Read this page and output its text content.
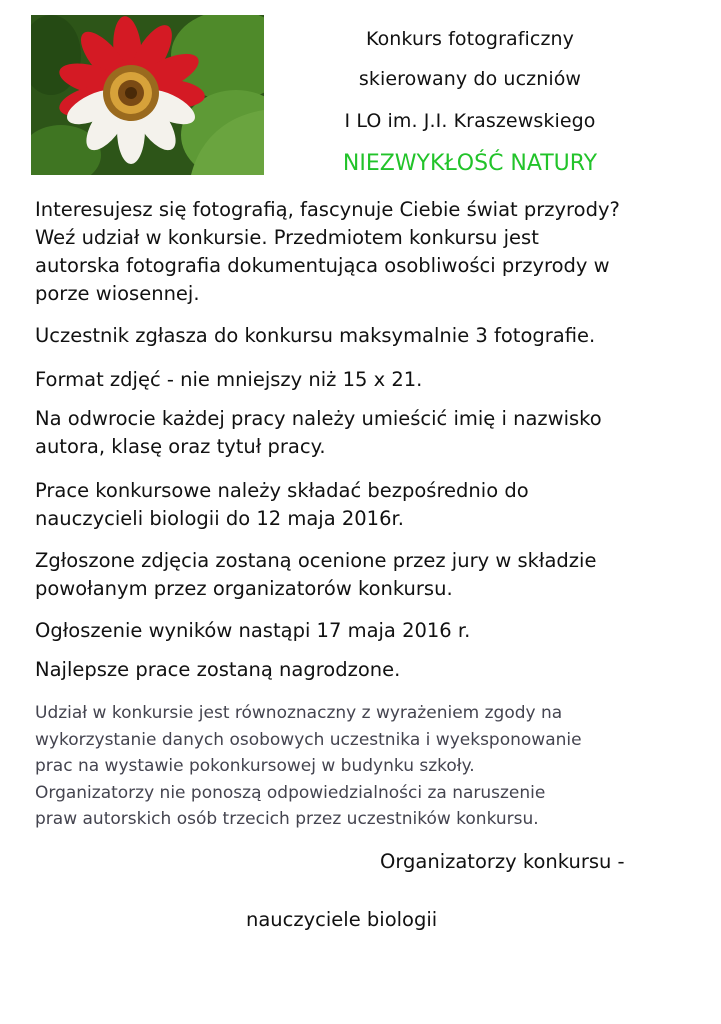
Konkurs fotograficzny
skierowany do uczniów
I LO im. J.I. Kraszewskiego
NIEZWYKŁOŚĆ NATURY
Interesujesz się fotografią, fascynuje Ciebie świat przyrody?
Weź udział w konkursie. Przedmiotem konkursu jest
autorska fotografia dokumentująca osobliwości przyrody w
porze wiosennej.
Uczestnik zgłasza do konkursu maksymalnie 3 fotografie.
Format zdjęć - nie mniejszy niż 15 x 21.
Na odwrocie każdej pracy należy umieścić imię i nazwisko
autora, klasę oraz tytuł pracy.
Prace konkursowe należy składać bezpośrednio do
nauczycieli biologii do 12 maja 2016r.
Zgłoszone zdjęcia zostaną ocenione przez jury w składzie
powołanym przez organizatorów konkursu.
Ogłoszenie wyników nastąpi 17 maja 2016 r.
Najlepsze prace zostaną nagrodzone.
Udział w konkursie jest równoznaczny z wyrażeniem zgody na
wykorzystanie danych osobowych uczestnika i wyeksponowanie
prac na wystawie pokonkursowej w budynku szkoły.
Organizatorzy nie ponoszą odpowiedzialności za naruszenie
praw autorskich osób trzecich przez uczestników konkursu.
Organizatorzy konkursu -
nauczyciele biologii
